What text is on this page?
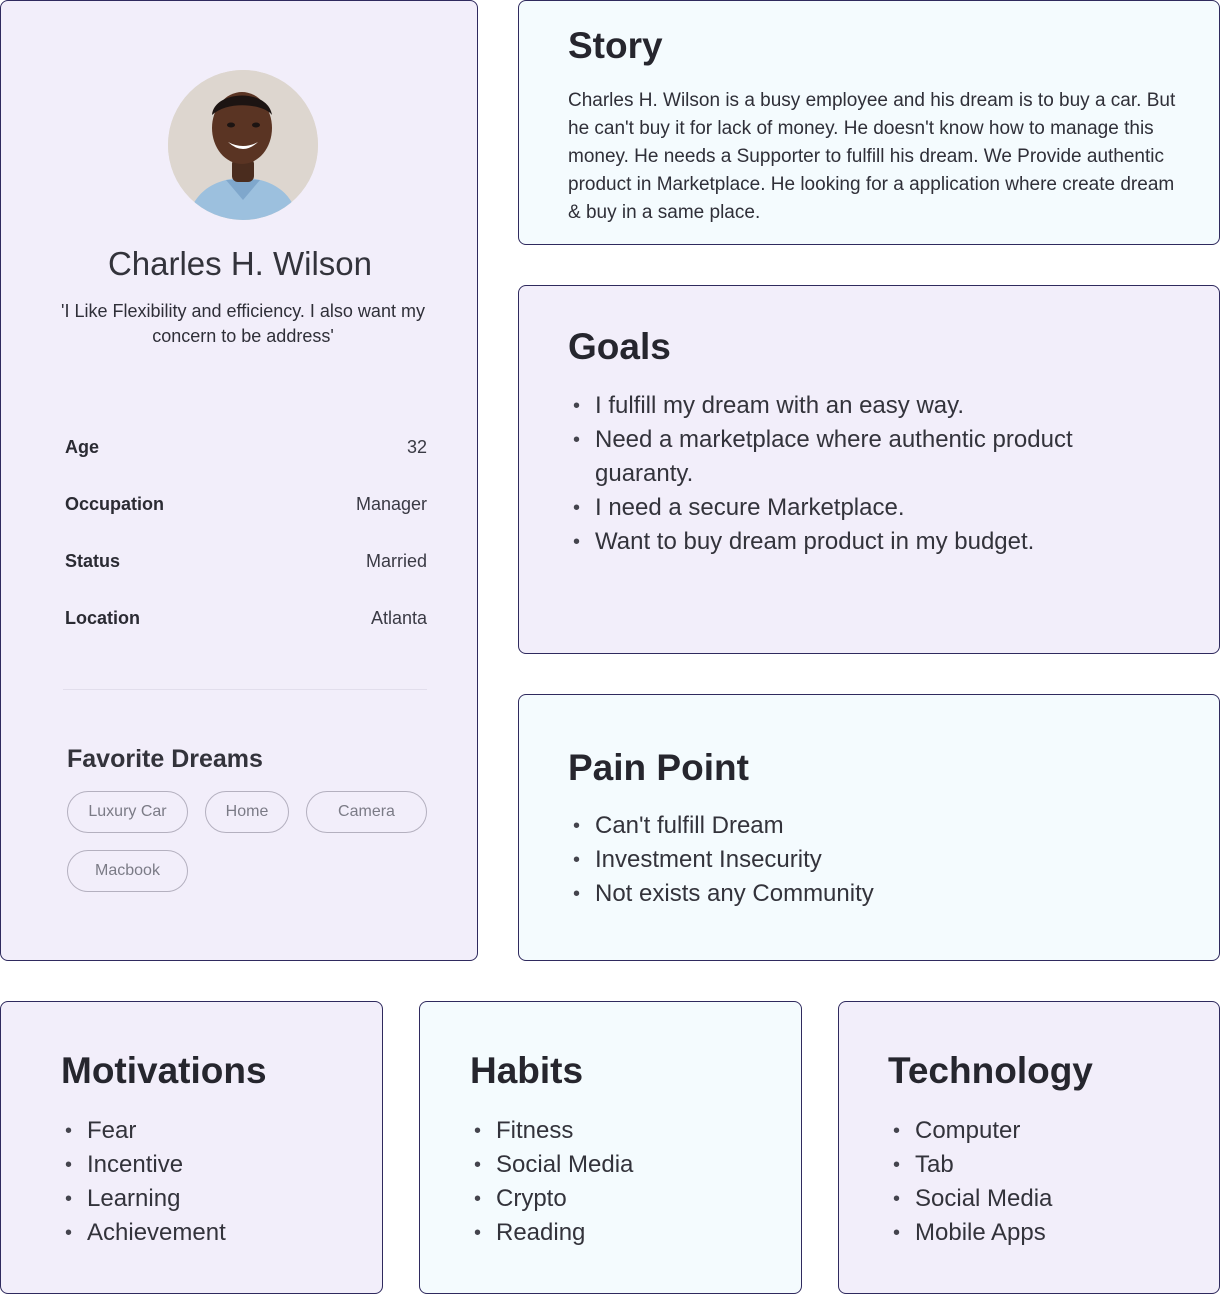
Charles H. Wilson

'I Like Flexibility and efficiency. I also want my concern to be address'

Age	32
Occupation	Manager
Status	Married
Location	Atlanta
Favorite Dreams
Luxury Car	Home	Camera
Macbook
Story

Charles H. Wilson is a busy employee and his dream is to buy a car. But he can't buy it for lack of money. He doesn't know how to manage this money. He needs a Supporter to fulfill his dream. We Provide authentic product in Marketplace. He looking for a application where create dream & buy in a same place.

Goals
• I fulfill my dream with an easy way.
• Need a marketplace where authentic product guaranty.
• I need a secure Marketplace.
• Want to buy dream product in my budget.
Pain Point
• Can't fulfill Dream
• Investment Insecurity
• Not exists any Community
Motivations
• Fear
• Incentive
• Learning
• Achievement
Habits
• Fitness
• Social Media
• Crypto
• Reading
Technology
• Computer
• Tab
• Social Media
• Mobile Apps
